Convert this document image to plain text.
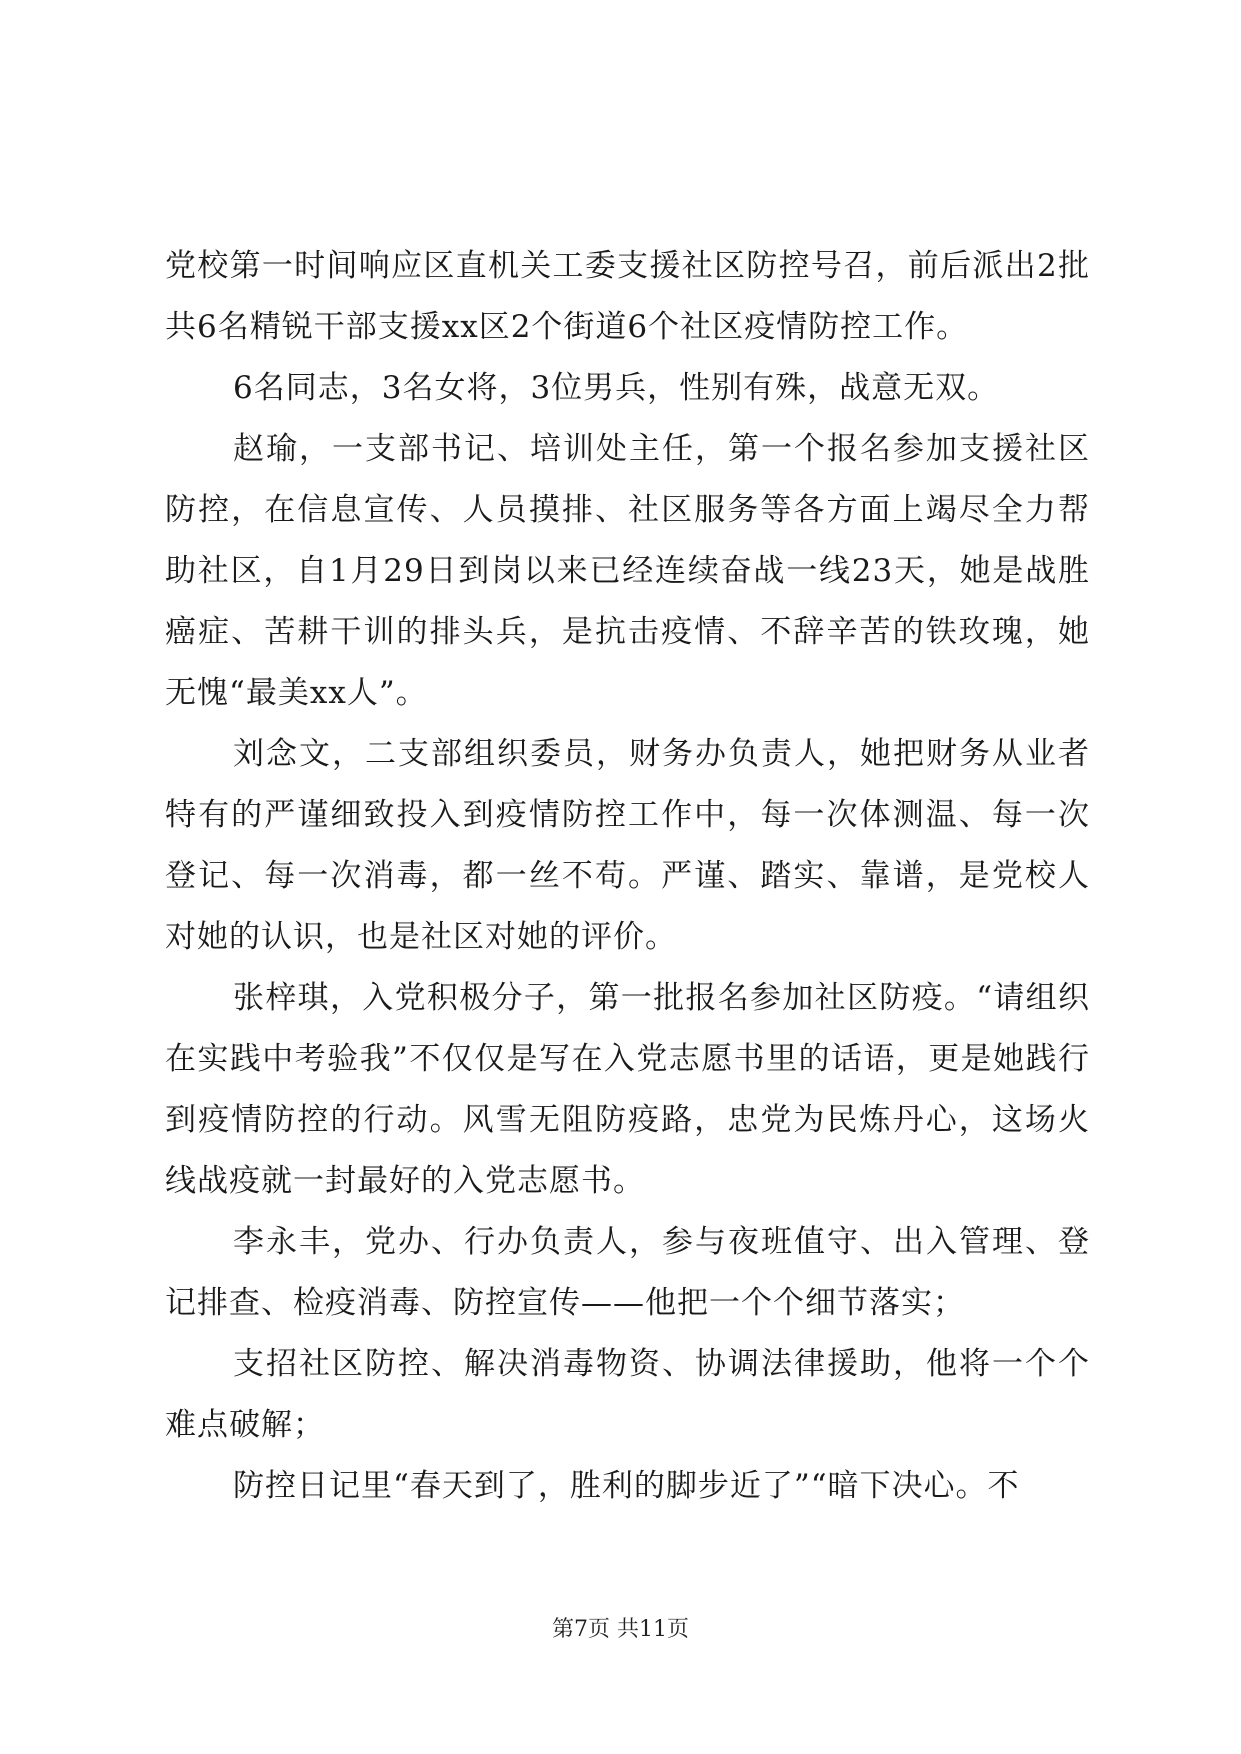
党校第一时间响应区直机关工委支援社区防控号召，前后派出2批共6名精锐干部支援xx区2个街道6个社区疫情防控工作。

6名同志，3名女将，3位男兵，性别有殊，战意无双。

赵瑜，一支部书记、培训处主任，第一个报名参加支援社区防控，在信息宣传、人员摸排、社区服务等各方面上竭尽全力帮助社区，自1月29日到岗以来已经连续奋战一线23天，她是战胜癌症、苦耕干训的排头兵，是抗击疫情、不辞辛苦的铁玫瑰，她无愧“最美xx人”。

刘念文，二支部组织委员，财务办负责人，她把财务从业者特有的严谨细致投入到疫情防控工作中，每一次体测温、每一次登记、每一次消毒，都一丝不苟。严谨、踏实、靠谱，是党校人对她的认识，也是社区对她的评价。

张梓琪，入党积极分子，第一批报名参加社区防疫。“请组织在实践中考验我”不仅仅是写在入党志愿书里的话语，更是她践行到疫情防控的行动。风雪无阻防疫路，忠党为民炼丹心，这场火线战疫就一封最好的入党志愿书。

李永丰，党办、行办负责人，参与夜班值守、出入管理、登记排查、检疫消毒、防控宣传——他把一个个细节落实；

支招社区防控、解决消毒物资、协调法律援助，他将一个个难点破解；

防控日记里“春天到了，胜利的脚步近了”“暗下决心。不

第7页 共11页
